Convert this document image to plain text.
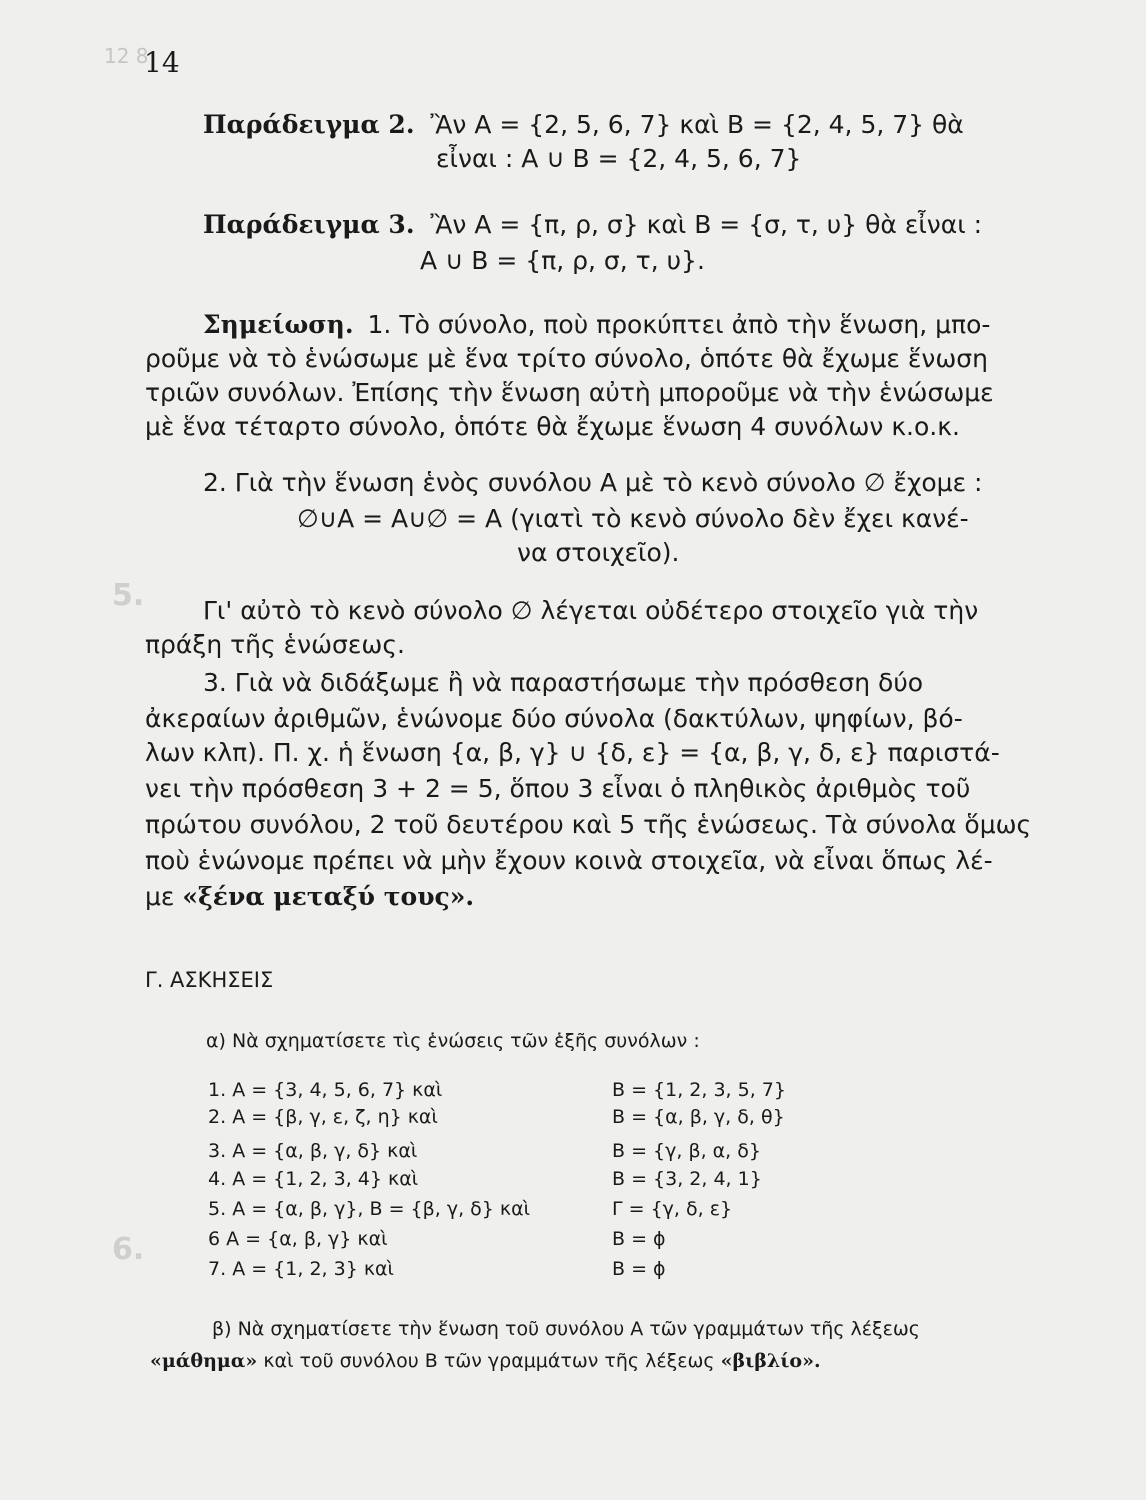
12 8
5.
6.
14
Παράδειγμα 2. Ἂν Α = {2, 5, 6, 7} καὶ Β = {2, 4, 5, 7} θὰ
εἶναι : Α ∪ Β = {2, 4, 5, 6, 7}
Παράδειγμα 3. Ἂν Α = {π, ρ, σ} καὶ Β = {σ, τ, υ} θὰ εἶναι :
Α ∪ Β = {π, ρ, σ, τ, υ}.
Σημείωση. 1. Τὸ σύνολο, ποὺ προκύπτει ἀπὸ τὴν ἕνωση, μπο-
ροῦμε νὰ τὸ ἑνώσωμε μὲ ἕνα τρίτο σύνολο, ὁπότε θὰ ἔχωμε ἕνωση
τριῶν συνόλων. Ἐπίσης τὴν ἕνωση αὐτὴ μποροῦμε νὰ τὴν ἑνώσωμε
μὲ ἕνα τέταρτο σύνολο, ὁπότε θὰ ἔχωμε ἕνωση 4 συνόλων κ.ο.κ.
2. Γιὰ τὴν ἕνωση ἑνὸς συνόλου Α μὲ τὸ κενὸ σύνολο ∅ ἔχομε :
∅∪Α = Α∪∅ = Α (γιατὶ τὸ κενὸ σύνολο δὲν ἔχει κανέ-
να στοιχεῖο).
Γι' αὐτὸ τὸ κενὸ σύνολο ∅ λέγεται οὐδέτερο στοιχεῖο γιὰ τὴν
πράξη τῆς ἑνώσεως.
3. Γιὰ νὰ διδάξωμε ἢ νὰ παραστήσωμε τὴν πρόσθεση δύο
ἀκεραίων ἀριθμῶν, ἑνώνομε δύο σύνολα (δακτύλων, ψηφίων, βό-
λων κλπ). Π. χ. ἡ ἕνωση {α, β, γ} ∪ {δ, ε} = {α, β, γ, δ, ε} παριστά-
νει τὴν πρόσθεση 3 + 2 = 5, ὅπου 3 εἶναι ὁ πληθικὸς ἀριθμὸς τοῦ
πρώτου συνόλου, 2 τοῦ δευτέρου καὶ 5 τῆς ἑνώσεως. Τὰ σύνολα ὅμως
ποὺ ἑνώνομε πρέπει νὰ μὴν ἔχουν κοινὰ στοιχεῖα, νὰ εἶναι ὅπως λέ-
με «ξένα μεταξύ τους».
Γ. ΑΣΚΗΣΕΙΣ
α) Νὰ σχηματίσετε τὶς ἑνώσεις τῶν ἑξῆς συνόλων :
1. Α = {3, 4, 5, 6, 7} καὶ	Β = {1, 2, 3, 5, 7}
2. Α = {β, γ, ε, ζ, η} καὶ	Β = {α, β, γ, δ, θ}
3. Α = {α, β, γ, δ} καὶ	Β = {γ, β, α, δ}
4. Α = {1, 2, 3, 4} καὶ	Β = {3, 2, 4, 1}
5. Α = {α, β, γ}, Β = {β, γ, δ} καὶ	Γ = {γ, δ, ε}
6 Α = {α, β, γ} καὶ	Β = ϕ
7. Α = {1, 2, 3} καὶ	Β = ϕ
β) Νὰ σχηματίσετε τὴν ἕνωση τοῦ συνόλου Α τῶν γραμμάτων τῆς λέξεως
«μάθημα» καὶ τοῦ συνόλου Β τῶν γραμμάτων τῆς λέξεως «βιβλίο».
